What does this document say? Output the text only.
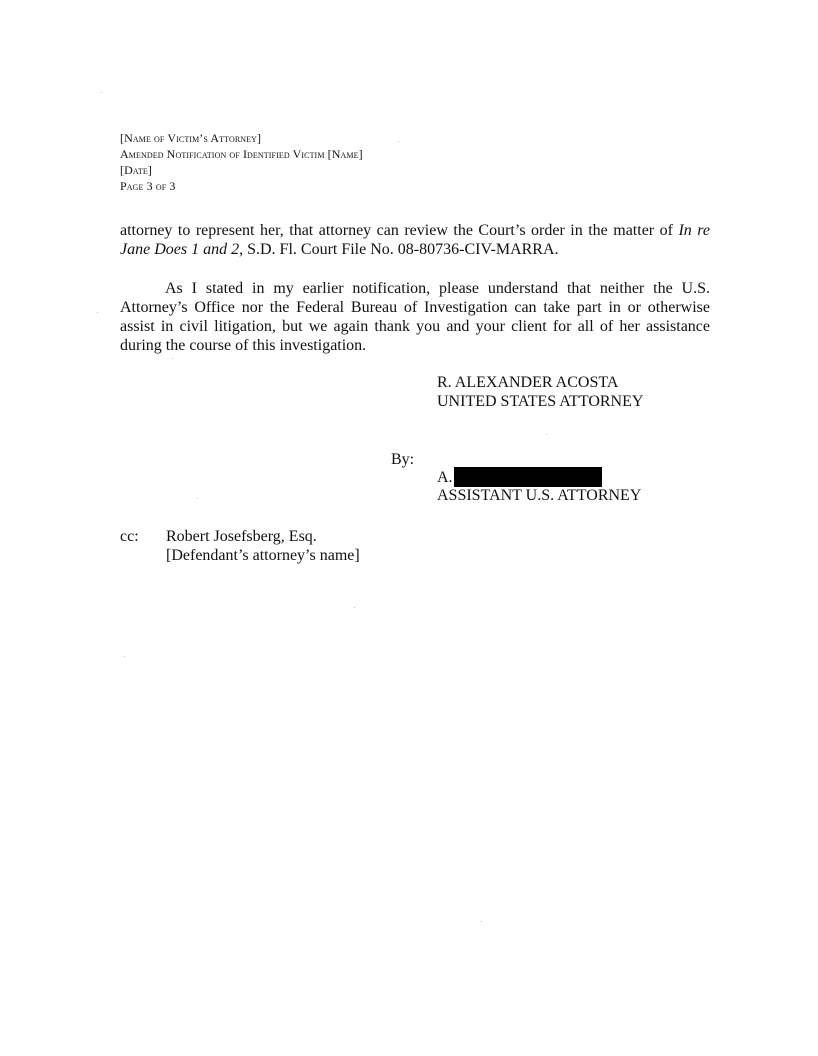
[Name of Victim’s Attorney]
Amended Notification of Identified Victim [Name]
[Date]
Page 3 of 3
attorney to represent her, that attorney can review the Court’s order in the matter of In re Jane Does 1 and 2, S.D. Fl. Court File No. 08-80736-CIV-MARRA.
As I stated in my earlier notification, please understand that neither the U.S. Attorney’s Office nor the Federal Bureau of Investigation can take part in or otherwise assist in civil litigation, but we again thank you and your client for all of her assistance during the course of this investigation.
R. ALEXANDER ACOSTA
UNITED STATES ATTORNEY
By:
A.
ASSISTANT U.S. ATTORNEY
cc: Robert Josefsberg, Esq.
[Defendant’s attorney’s name]
